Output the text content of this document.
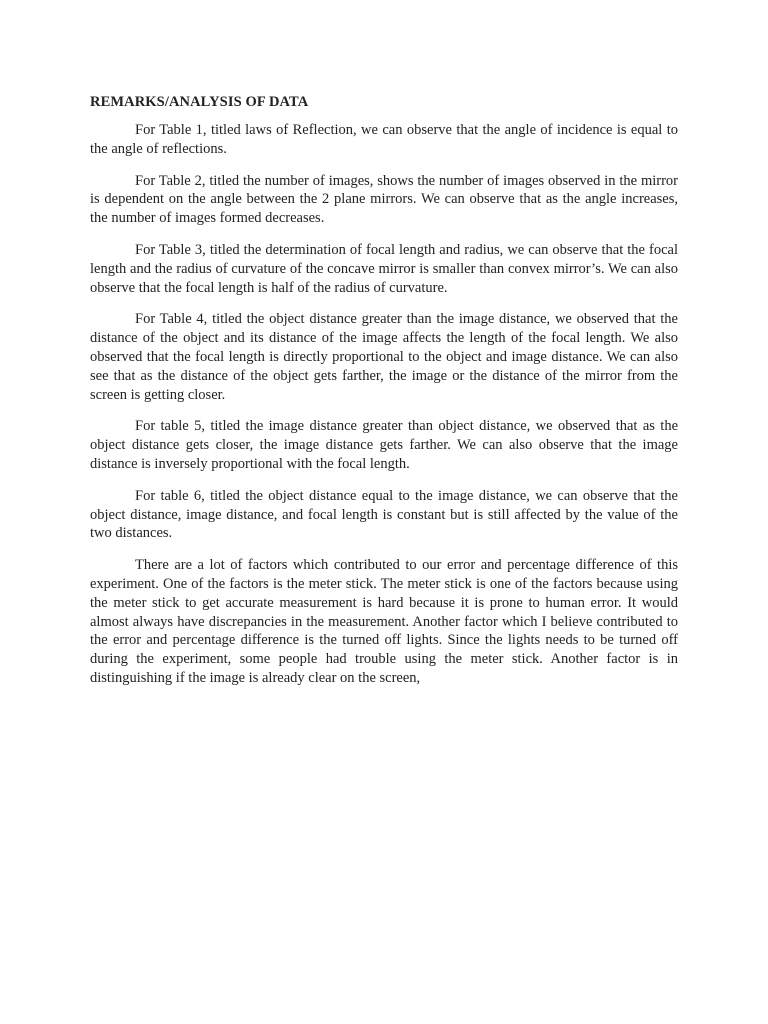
REMARKS/ANALYSIS OF DATA

For Table 1, titled laws of Reflection, we can observe that the angle of incidence is equal to the angle of reflections.

For Table 2, titled the number of images, shows the number of images observed in the mirror is dependent on the angle between the 2 plane mirrors. We can observe that as the angle increases, the number of images formed decreases.

For Table 3, titled the determination of focal length and radius, we can observe that the focal length and the radius of curvature of the concave mirror is smaller than convex mirror’s. We can also observe that the focal length is half of the radius of curvature.

For Table 4, titled the object distance greater than the image distance, we observed that the distance of the object and its distance of the image affects the length of the focal length. We also observed that the focal length is directly proportional to the object and image distance. We can also see that as the distance of the object gets farther, the image or the distance of the mirror from the screen is getting closer.

For table 5, titled the image distance greater than object distance, we observed that as the object distance gets closer, the image distance gets farther. We can also observe that the image distance is inversely proportional with the focal length.

For table 6, titled the object distance equal to the image distance, we can observe that the object distance, image distance, and focal length is constant but is still affected by the value of the two distances.

There are a lot of factors which contributed to our error and percentage difference of this experiment. One of the factors is the meter stick. The meter stick is one of the factors because using the meter stick to get accurate measurement is hard because it is prone to human error. It would almost always have discrepancies in the measurement. Another factor which I believe contributed to the error and percentage difference is the turned off lights. Since the lights needs to be turned off during the experiment, some people had trouble using the meter stick. Another factor is in distinguishing if the image is already clear on the screen,
